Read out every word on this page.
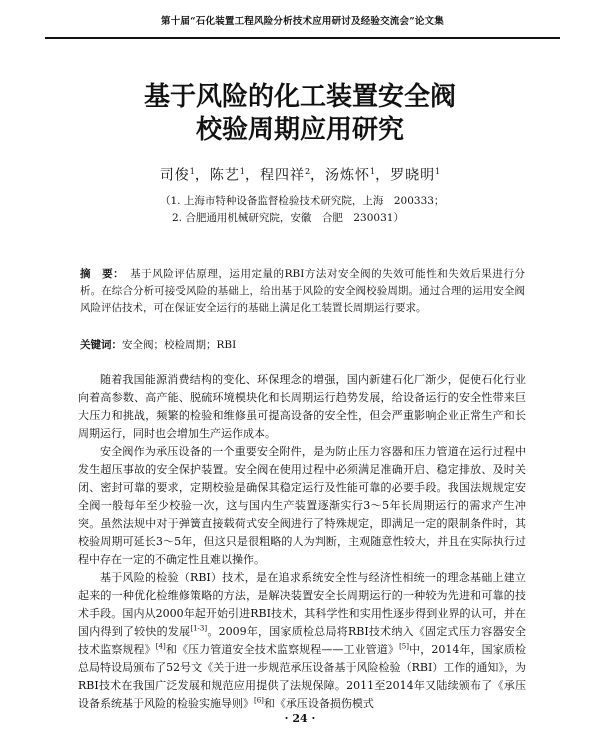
第十届“石化装置工程风险分析技术应用研讨及经验交流会”论文集
基于风险的化工装置安全阀
校验周期应用研究
司俊$^1$，陈艺$^1$，程四祥$^2$，汤炼怀$^1$，罗晓明$^1$
（1. 上海市特种设备监督检验技术研究院，上海　200333；
2. 合肥通用机械研究院，安徽　合肥　230031）
摘　要： 基于风险评估原理，运用定量的RBI方法对安全阀的失效可能性和失效后果进行分析。在综合分析可接受风险的基础上，给出基于风险的安全阀校验周期。通过合理的运用安全阀风险评估技术，可在保证安全运行的基础上满足化工装置长周期运行要求。
关键词：安全阀；校检周期；RBI

随着我国能源消费结构的变化、环保理念的增强，国内新建石化厂渐少，促使石化行业向着高参数、高产能、脱硫环境模块化和长周期运行趋势发展，给设备运行的安全性带来巨大压力和挑战，频繁的检验和维修虽可提高设备的安全性，但会严重影响企业正常生产和长周期运行，同时也会增加生产运作成本。

安全阀作为承压设备的一个重要安全附件，是为防止压力容器和压力管道在运行过程中发生超压事故的安全保护装置。安全阀在使用过程中必须满足准确开启、稳定排放、及时关闭、密封可靠的要求，定期校验是确保其稳定运行及性能可靠的必要手段。我国法规规定安全阀一般每年至少校验一次，这与国内生产装置逐渐实行3～5年长周期运行的需求产生冲突。虽然法规中对于弹簧直接载荷式安全阀进行了特殊规定，即满足一定的限制条件时，其校验周期可延长3～5年，但这只是很粗略的人为判断，主观随意性较大，并且在实际执行过程中存在一定的不确定性且难以操作。

基于风险的检验（RBI）技术，是在追求系统安全性与经济性相统一的理念基础上建立起来的一种优化检维修策略的方法，是解决装置安全长周期运行的一种较为先进和可靠的技术手段。国内从2000年起开始引进RBI技术，其科学性和实用性逐步得到业界的认可，并在国内得到了较快的发展[1-3]。2009年，国家质检总局将RBI技术纳入《固定式压力容器安全技术监察规程》[4]和《压力管道安全技术监察规程——工业管道》[5]中，2014年，国家质检总局特设局颁布了52号文《关于进一步规范承压设备基于风险检验（RBI）工作的通知》，为RBI技术在我国广泛发展和规范应用提供了法规保障。2011至2014年又陆续颁布了《承压设备系统基于风险的检验实施导则》[6]和《承压设备损伤模式

· 24 ·
